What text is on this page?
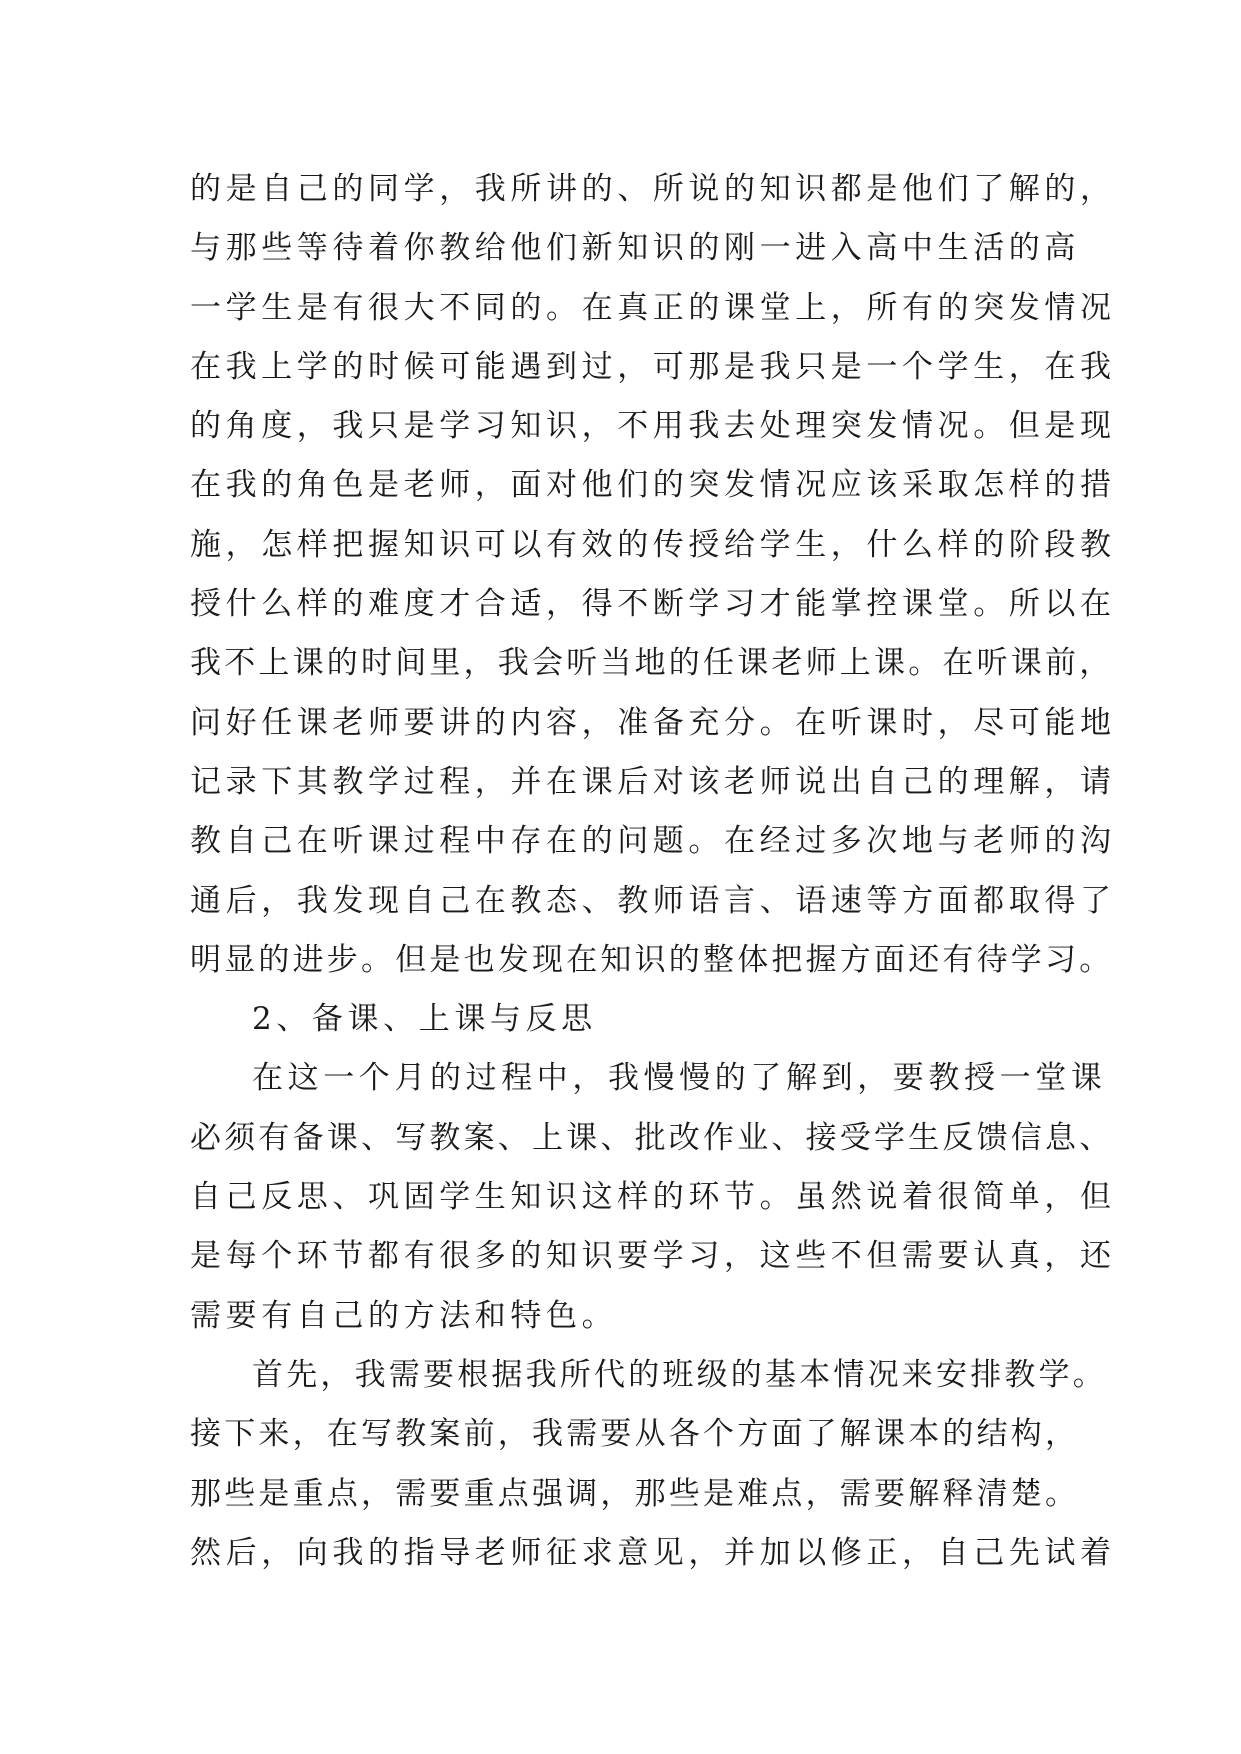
的是自己的同学，我所讲的、所说的知识都是他们了解的，
与那些等待着你教给他们新知识的刚一进入高中生活的高
一学生是有很大不同的。在真正的课堂上，所有的突发情况
在我上学的时候可能遇到过，可那是我只是一个学生，在我
的角度，我只是学习知识，不用我去处理突发情况。但是现
在我的角色是老师，面对他们的突发情况应该采取怎样的措
施，怎样把握知识可以有效的传授给学生，什么样的阶段教
授什么样的难度才合适，得不断学习才能掌控课堂。所以在
我不上课的时间里，我会听当地的任课老师上课。在听课前，
问好任课老师要讲的内容，准备充分。在听课时，尽可能地
记录下其教学过程，并在课后对该老师说出自己的理解，请
教自己在听课过程中存在的问题。在经过多次地与老师的沟
通后，我发现自己在教态、教师语言、语速等方面都取得了
明显的进步。但是也发现在知识的整体把握方面还有待学习。
2、备课、上课与反思
在这一个月的过程中，我慢慢的了解到，要教授一堂课
必须有备课、写教案、上课、批改作业、接受学生反馈信息、
自己反思、巩固学生知识这样的环节。虽然说着很简单，但
是每个环节都有很多的知识要学习，这些不但需要认真，还
需要有自己的方法和特色。
首先，我需要根据我所代的班级的基本情况来安排教学。
接下来，在写教案前，我需要从各个方面了解课本的结构，
那些是重点，需要重点强调，那些是难点，需要解释清楚。
然后，向我的指导老师征求意见，并加以修正，自己先试着
